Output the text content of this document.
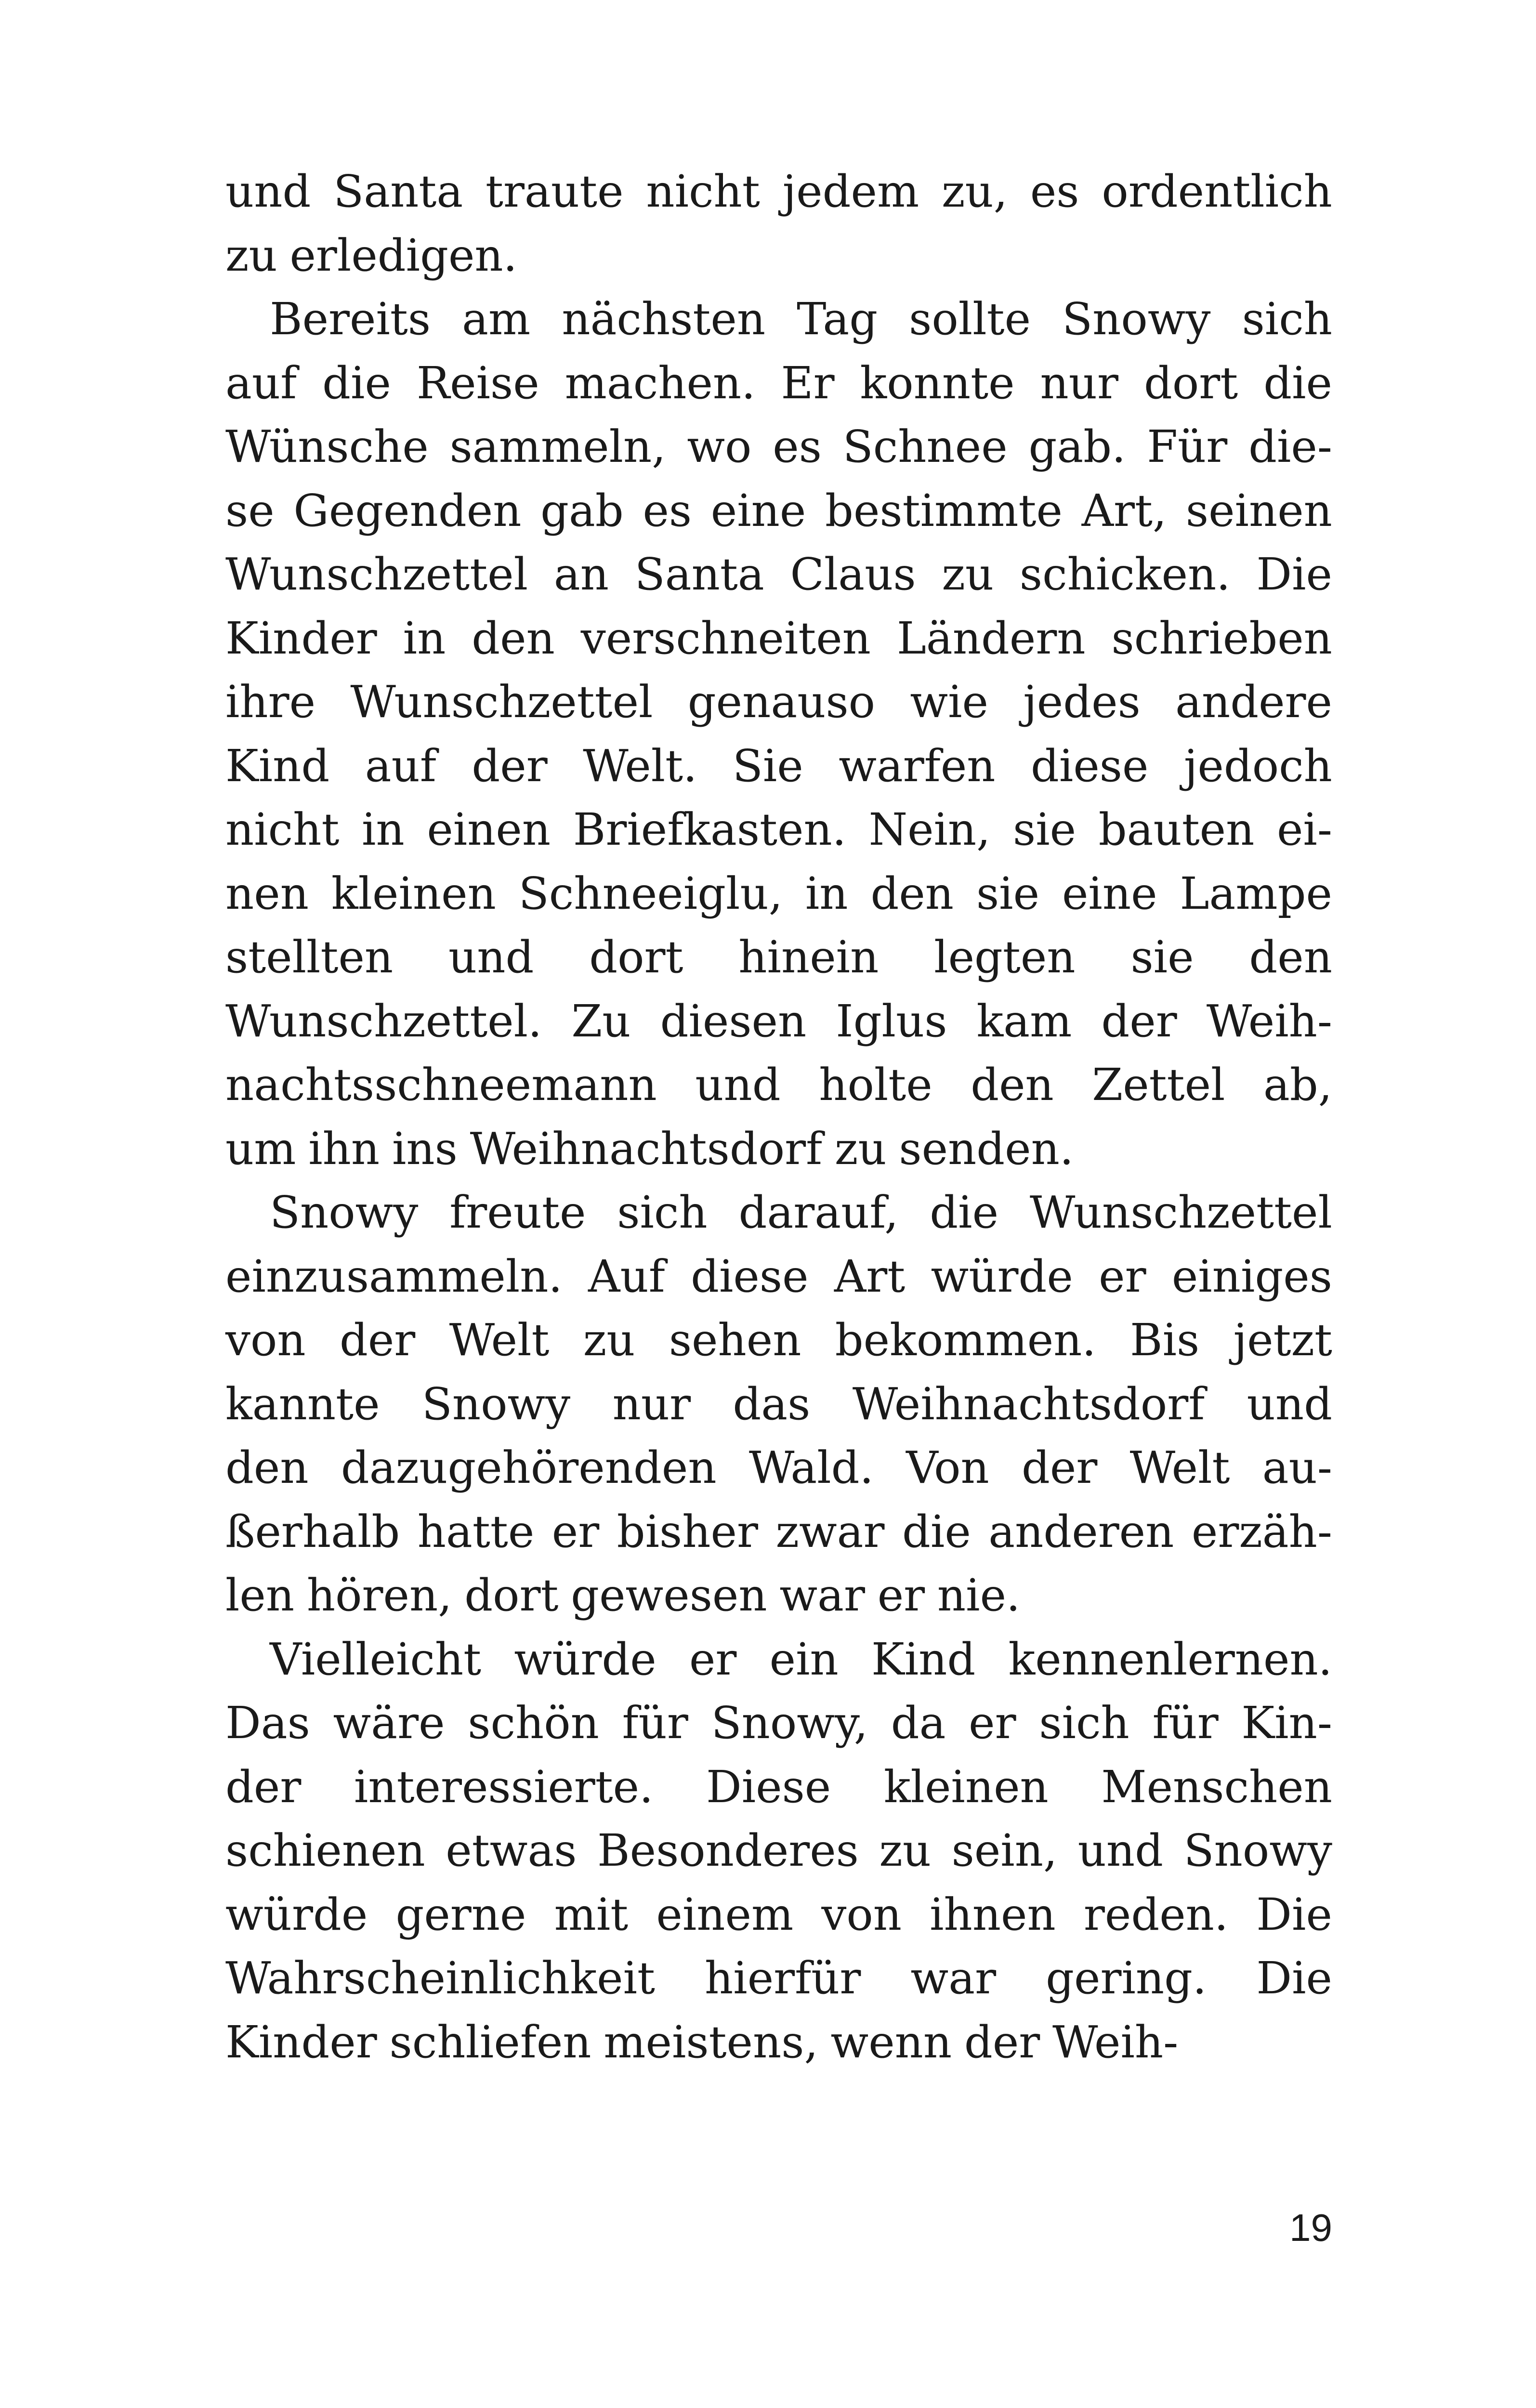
und Santa traute nicht jedem zu, es ordentlich
zu erledigen.
Bereits am nächsten Tag sollte Snowy sich
auf die Reise machen. Er konnte nur dort die
Wünsche sammeln, wo es Schnee gab. Für die-
se Gegenden gab es eine bestimmte Art, seinen
Wunschzettel an Santa Claus zu schicken. Die
Kinder in den verschneiten Ländern schrieben
ihre Wunschzettel genauso wie jedes andere
Kind auf der Welt. Sie warfen diese jedoch
nicht in einen Briefkasten. Nein, sie bauten ei-
nen kleinen Schneeiglu, in den sie eine Lampe
stellten und dort hinein legten sie den
Wunschzettel. Zu diesen Iglus kam der Weih-
nachtsschneemann und holte den Zettel ab,
um ihn ins Weihnachtsdorf zu senden.
Snowy freute sich darauf, die Wunschzettel
einzusammeln. Auf diese Art würde er einiges
von der Welt zu sehen bekommen. Bis jetzt
kannte Snowy nur das Weihnachtsdorf und
den dazugehörenden Wald. Von der Welt au-
ßerhalb hatte er bisher zwar die anderen erzäh-
len hören, dort gewesen war er nie.
Vielleicht würde er ein Kind kennenlernen.
Das wäre schön für Snowy, da er sich für Kin-
der interessierte. Diese kleinen Menschen
schienen etwas Besonderes zu sein, und Snowy
würde gerne mit einem von ihnen reden. Die
Wahrscheinlichkeit hierfür war gering. Die
Kinder schliefen meistens, wenn der Weih-
19
